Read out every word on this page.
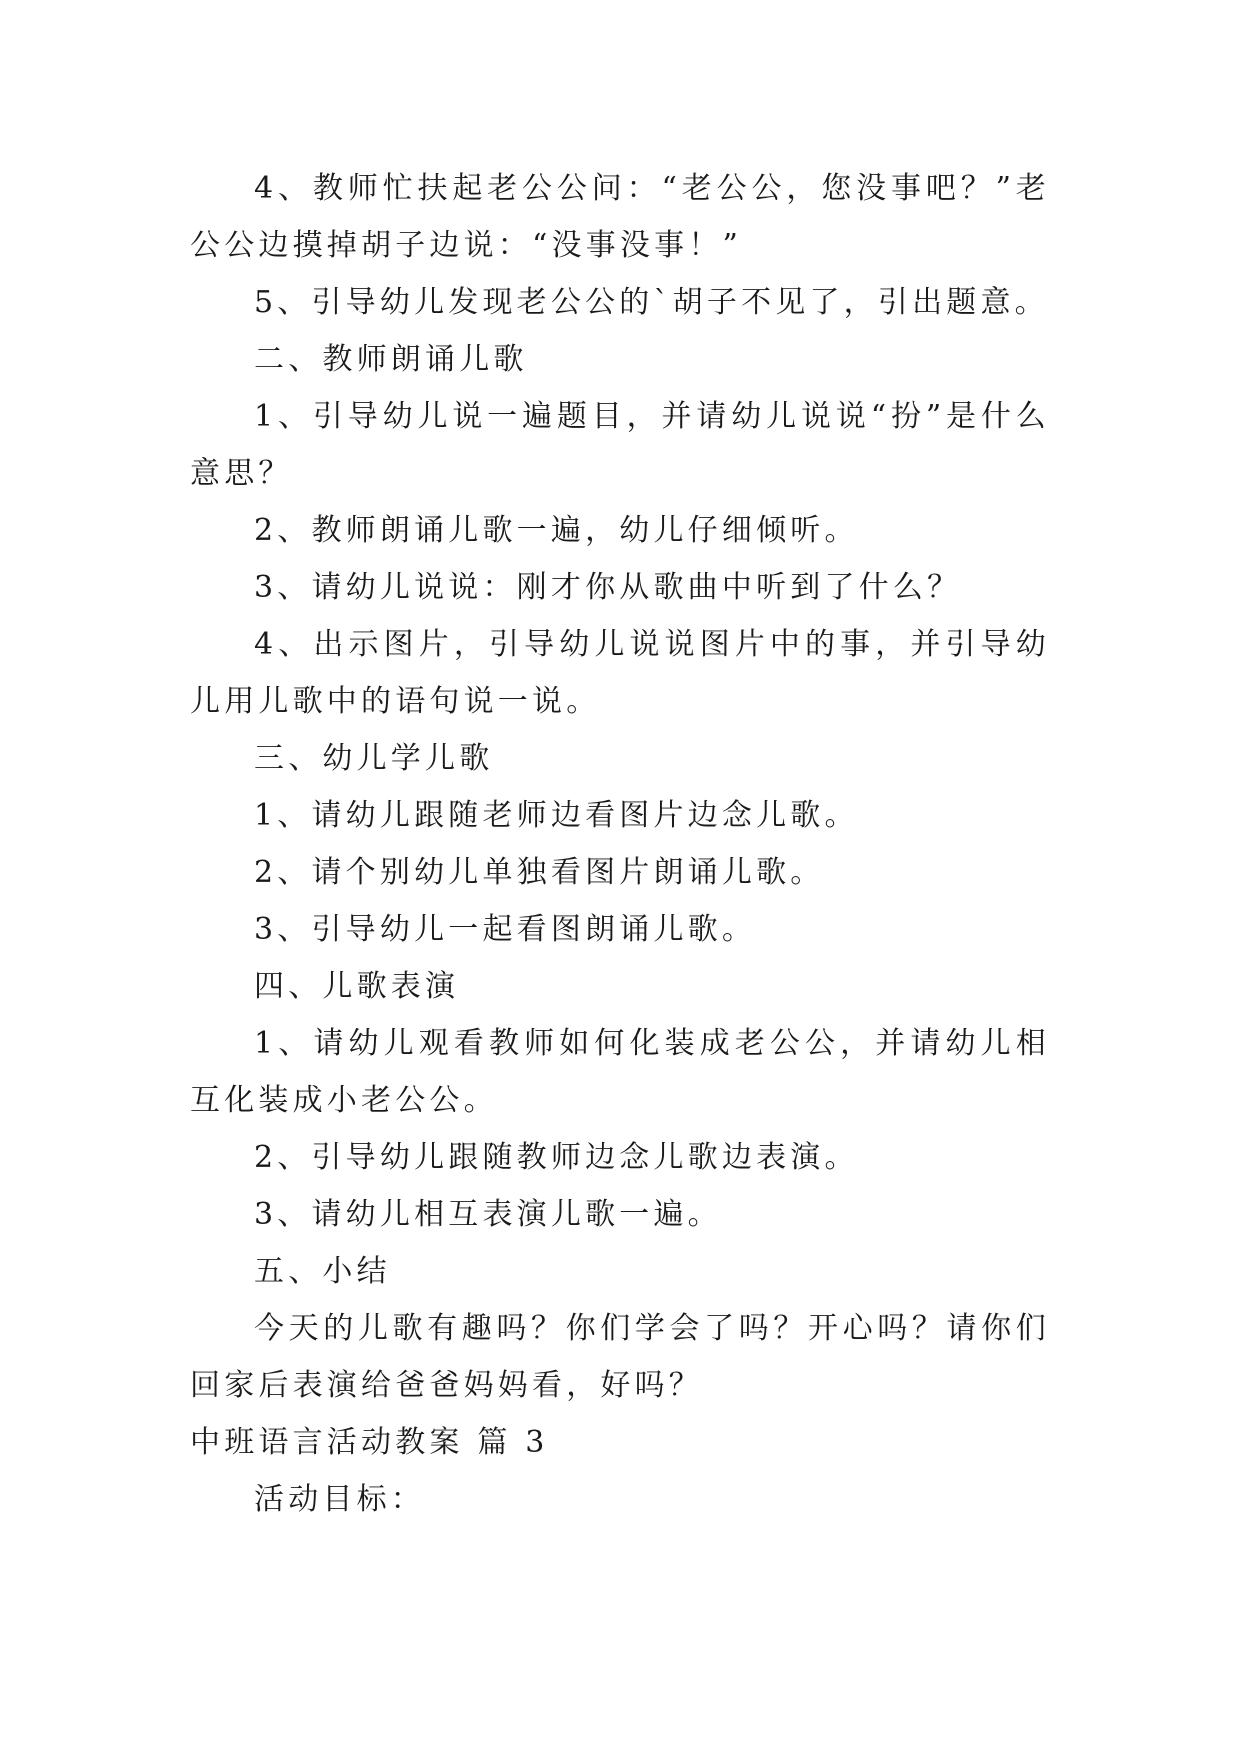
4、教师忙扶起老公公问：“老公公，您没事吧？”老公公边摸掉胡子边说：“没事没事！”

5、引导幼儿发现老公公的`胡子不见了，引出题意。

二、教师朗诵儿歌

1、引导幼儿说一遍题目，并请幼儿说说“扮”是什么意思？

2、教师朗诵儿歌一遍，幼儿仔细倾听。

3、请幼儿说说：刚才你从歌曲中听到了什么？

4、出示图片，引导幼儿说说图片中的事，并引导幼儿用儿歌中的语句说一说。

三、幼儿学儿歌

1、请幼儿跟随老师边看图片边念儿歌。

2、请个别幼儿单独看图片朗诵儿歌。

3、引导幼儿一起看图朗诵儿歌。

四、儿歌表演

1、请幼儿观看教师如何化装成老公公，并请幼儿相互化装成小老公公。

2、引导幼儿跟随教师边念儿歌边表演。

3、请幼儿相互表演儿歌一遍。

五、小结

今天的儿歌有趣吗？你们学会了吗？开心吗？请你们回家后表演给爸爸妈妈看，好吗？

中班语言活动教案 篇 3

活动目标：
